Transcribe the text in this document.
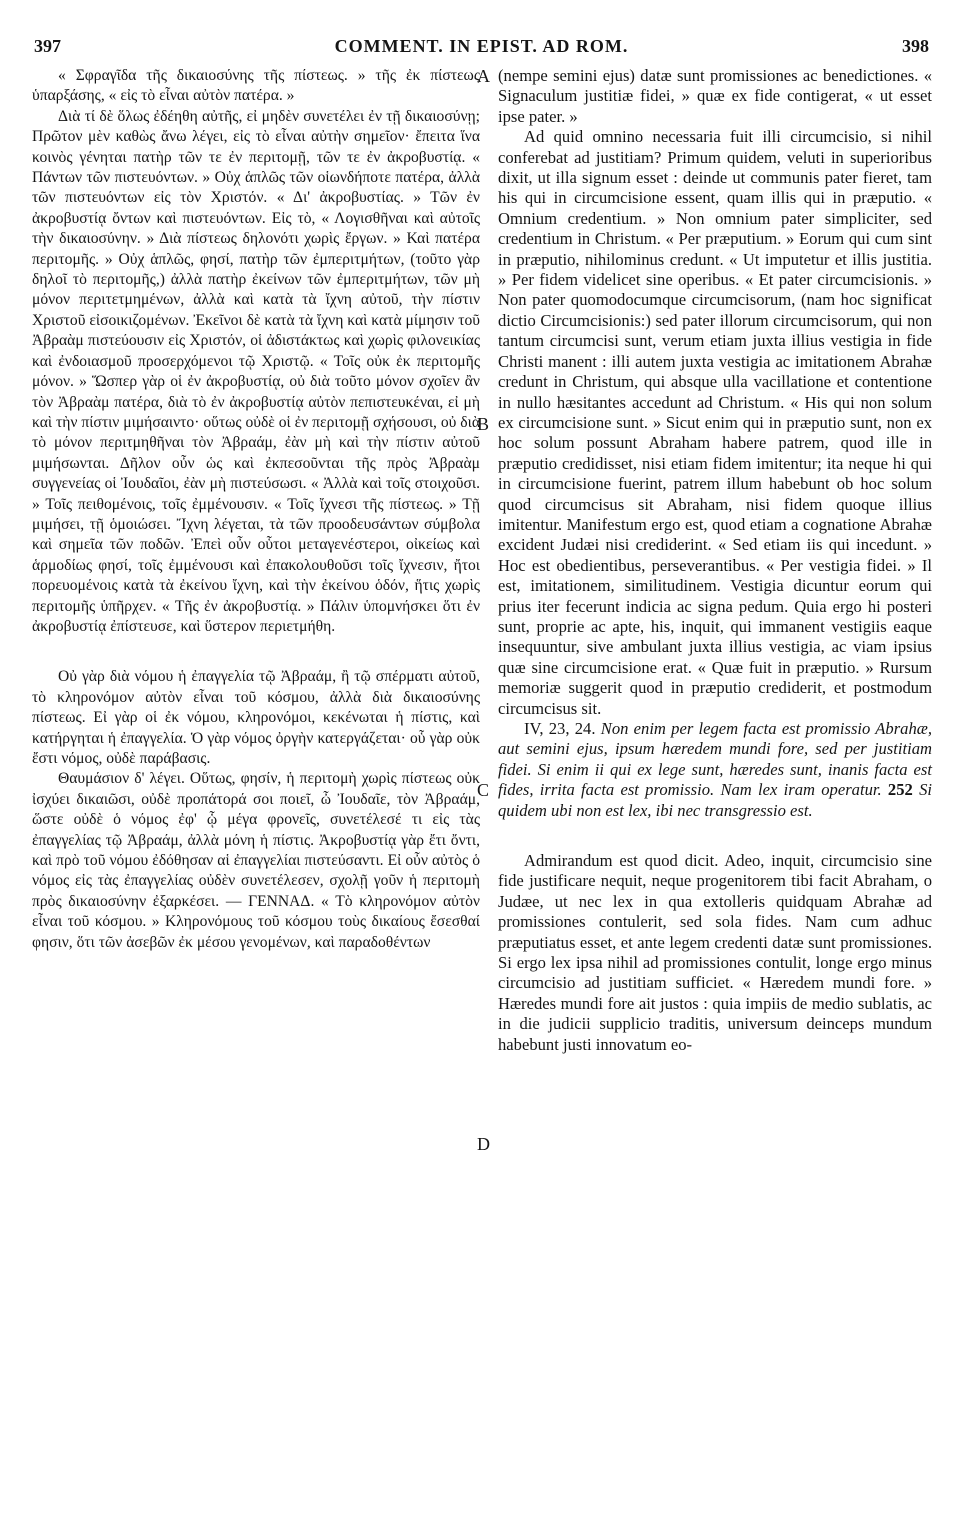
397	COMMENT. IN EPIST. AD ROM.	398

« Σφραγῖδα τῆς δικαιοσύνης τῆς πίστεως. » τῆς ἐκ πίστεως ὑπαρξάσης, « εἰς τὸ εἶναι αὐτὸν πατέρα. »

Διὰ τί δὲ ὅλως ἐδέηθη αὐτῆς, εἰ μηδὲν συνετέλει ἐν τῇ δικαιοσύνῃ; Πρῶτον μὲν καθὼς ἄνω λέγει, εἰς τὸ εἶναι αὐτὴν σημεῖον· ἔπειτα ἵνα κοινὸς γένηται πατὴρ τῶν τε ἐν περιτομῇ, τῶν τε ἐν ἀκροβυστίᾳ. « Πάντων τῶν πιστευόντων. » Οὐχ ἁπλῶς τῶν οἱωνδήποτε πατέρα, ἀλλὰ τῶν πιστευόντων εἰς τὸν Χριστόν. « Δι' ἀκροβυστίας. » Τῶν ἐν ἀκροβυστίᾳ ὄντων καὶ πιστευόντων. Εἰς τὸ, « Λογισθῆναι καὶ αὐτοῖς τὴν δικαιοσύνην. » Διὰ πίστεως δηλονότι χωρὶς ἔργων. » Καὶ πατέρα περιτομῆς. » Οὐχ ἁπλῶς, φησί, πατὴρ τῶν ἐμπεριτμήτων, (τοῦτο γὰρ δηλοῖ τὸ περιτομῆς,) ἀλλὰ πατὴρ ἐκείνων τῶν ἐμπεριτμήτων, τῶν μὴ μόνον περιτετμημένων, ἀλλὰ καὶ κατὰ τὰ ἴχνη αὐτοῦ, τὴν πίστιν Χριστοῦ εἰσοικιζομένων. Ἐκεῖνοι δὲ κατὰ τὰ ἴχνη καὶ κατὰ μίμησιν τοῦ Ἀβραὰμ πιστεύουσιν εἰς Χριστόν, οἱ ἀδιστάκτως καὶ χωρὶς φιλονεικίας καὶ ἐνδοιασμοῦ προσερχόμενοι τῷ Χριστῷ. « Τοῖς οὐκ ἐκ περιτομῆς μόνον. » Ὥσπερ γὰρ οἱ ἐν ἀκροβυστίᾳ, οὐ διὰ τοῦτο μόνον σχοῖεν ἂν τὸν Ἀβραὰμ πατέρα, διὰ τὸ ἐν ἀκροβυστίᾳ αὐτὸν πεπιστευκέναι, εἰ μὴ καὶ τὴν πίστιν μιμήσαιντο· οὕτως οὐδὲ οἱ ἐν περιτομῇ σχήσουσι, οὐ διὰ τὸ μόνον περιτμηθῆναι τὸν Ἀβραάμ, ἐὰν μὴ καὶ τὴν πίστιν αὐτοῦ μιμήσωνται. Δῆλον οὖν ὡς καὶ ἐκπεσοῦνται τῆς πρὸς Ἀβραὰμ συγγενείας οἱ Ἰουδαῖοι, ἐὰν μὴ πιστεύσωσι. « Ἀλλὰ καὶ τοῖς στοιχοῦσι. » Τοῖς πειθομένοις, τοῖς ἐμμένουσιν. « Τοῖς ἴχνεσι τῆς πίστεως. » Τῇ μιμήσει, τῇ ὁμοιώσει. Ἴχνη λέγεται, τὰ τῶν προοδευσάντων σύμβολα καὶ σημεῖα τῶν ποδῶν. Ἐπεὶ οὖν οὗτοι μεταγενέστεροι, οἰκείως καὶ ἁρμοδίως φησί, τοῖς ἐμμένουσι καὶ ἐπακολουθοῦσι τοῖς ἴχνεσιν, ἤτοι πορευομένοις κατὰ τὰ ἐκείνου ἴχνη, καὶ τὴν ἐκείνου ὁδόν, ἥτις χωρὶς περιτομῆς ὑπῆρχεν. « Τῆς ἐν ἀκροβυστίᾳ. » Πάλιν ὑπομνήσκει ὅτι ἐν ἀκροβυστίᾳ ἐπίστευσε, καὶ ὕστερον περιετμήθη.

Οὐ γὰρ διὰ νόμου ἡ ἐπαγγελία τῷ Ἀβραάμ, ἢ τῷ σπέρματι αὐτοῦ, τὸ κληρονόμον αὐτὸν εἶναι τοῦ κόσμου, ἀλλὰ διὰ δικαιοσύνης πίστεως. Εἰ γὰρ οἱ ἐκ νόμου, κληρονόμοι, κεκένωται ἡ πίστις, καὶ κατήργηται ἡ ἐπαγγελία. Ὁ γὰρ νόμος ὀργὴν κατεργάζεται· οὗ γὰρ οὐκ ἔστι νόμος, οὐδὲ παράβασις.

Θαυμάσιον δ' λέγει. Οὕτως, φησίν, ἡ περιτομὴ χωρὶς πίστεως οὐκ ἰσχύει δικαιῶσι, οὐδὲ προπάτορά σοι ποιεῖ, ὦ Ἰουδαῖε, τὸν Ἀβραάμ, ὥστε οὐδὲ ὁ νόμος ἐφ' ᾧ μέγα φρονεῖς, συνετέλεσέ τι εἰς τὰς ἐπαγγελίας τῷ Ἀβραάμ, ἀλλὰ μόνη ἡ πίστις. Ἀκροβυστίᾳ γὰρ ἔτι ὄντι, καὶ πρὸ τοῦ νόμου ἐδόθησαν αἱ ἐπαγγελίαι πιστεύσαντι. Εἰ οὖν αὐτὸς ὁ νόμος εἰς τὰς ἐπαγγελίας οὐδὲν συνετέλεσεν, σχολῇ γοῦν ἡ περιτομὴ πρὸς δικαιοσύνην ἐξαρκέσει. — ΓΕΝΝΑΔ. « Τὸ κληρονόμον αὐτὸν εἶναι τοῦ κόσμου. » Κληρονόμους τοῦ κόσμου τοὺς δικαίους ἔσεσθαί φησιν, ὅτι τῶν ἀσεβῶν ἐκ μέσου γενομένων, καὶ παραδοθέντων

A
B
C
D

(nempe semini ejus) datæ sunt promissiones ac benedictiones. « Signaculum justitiæ fidei, » quæ ex fide contigerat, « ut esset ipse pater. »

Ad quid omnino necessaria fuit illi circumcisio, si nihil conferebat ad justitiam? Primum quidem, veluti in superioribus dixit, ut illa signum esset : deinde ut communis pater fieret, tam his qui in circumcisione essent, quam illis qui in præputio. « Omnium credentium. » Non omnium pater simpliciter, sed credentium in Christum. « Per præputium. » Eorum qui cum sint in præputio, nihilominus credunt. « Ut imputetur et illis justitia. » Per fidem videlicet sine operibus. « Et pater circumcisionis. » Non pater quomodocumque circumcisorum, (nam hoc significat dictio Circumcisionis:) sed pater illorum circumcisorum, qui non tantum circumcisi sunt, verum etiam juxta illius vestigia in fide Christi manent : illi autem juxta vestigia ac imitationem Abrahæ credunt in Christum, qui absque ulla vacillatione et contentione in nullo hæsitantes accedunt ad Christum. « His qui non solum ex circumcisione sunt. » Sicut enim qui in præputio sunt, non ex hoc solum possunt Abraham habere patrem, quod ille in præputio credidisset, nisi etiam fidem imitentur; ita neque hi qui in circumcisione fuerint, patrem illum habebunt ob hoc solum quod circumcisus sit Abraham, nisi fidem quoque illius imitentur. Manifestum ergo est, quod etiam a cognatione Abrahæ excident Judæi nisi crediderint. « Sed etiam iis qui incedunt. » Hoc est obedientibus, perseverantibus. « Per vestigia fidei. » Il est, imitationem, similitudinem. Vestigia dicuntur eorum qui prius iter fecerunt indicia ac signa pedum. Quia ergo hi posteri sunt, proprie ac apte, his, inquit, qui immanent vestigiis eaque insequuntur, sive ambulant juxta illius vestigia, ac viam ipsius quæ sine circumcisione erat. « Quæ fuit in præputio. » Rursum memoriæ suggerit quod in præputio crediderit, et postmodum circumcisus sit.

IV, 23, 24. Non enim per legem facta est promissio Abrahæ, aut semini ejus, ipsum hæredem mundi fore, sed per justitiam fidei. Si enim ii qui ex lege sunt, hæredes sunt, inanis facta est fides, irrita facta est promissio. Nam lex iram operatur. 252 Si quidem ubi non est lex, ibi nec transgressio est.

Admirandum est quod dicit. Adeo, inquit, circumcisio sine fide justificare nequit, neque progenitorem tibi facit Abraham, o Judæe, ut nec lex in qua extolleris quidquam Abrahæ ad promissiones contulerit, sed sola fides. Nam cum adhuc præputiatus esset, et ante legem credenti datæ sunt promissiones. Si ergo lex ipsa nihil ad promissiones contulit, longe ergo minus circumcisio ad justitiam sufficiet. « Hæredem mundi fore. » Hæredes mundi fore ait justos : quia impiis de medio sublatis, ac in die judicii supplicio traditis, universum deinceps mundum habebunt justi innovatum eo-
